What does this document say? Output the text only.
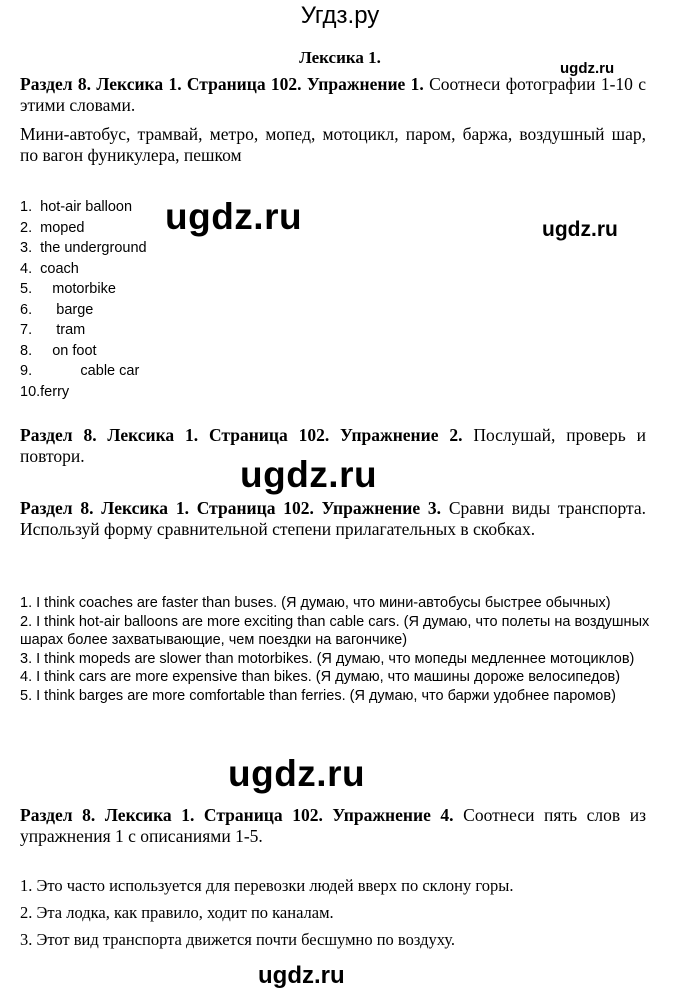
Угдз.ру
Лексика 1.
ugdz.ru
Раздел 8. Лексика 1. Страница 102. Упражнение 1. Соотнеси фотографии 1-10 с этими словами.
Мини-автобус, трамвай, метро, мопед, мотоцикл, паром, баржа, воздушный шар, по вагон фуникулера, пешком
1.  hot-air balloon
2.  moped
3.  the underground
4.  coach
5.     motorbike
6.      barge
7.      tram
8.     on foot
9.            cable car
10.ferry
ugdz.ru	ugdz.ru
Раздел 8. Лексика 1. Страница 102. Упражнение 2. Послушай, проверь и повтори.	ugdz.ru
Раздел 8. Лексика 1. Страница 102. Упражнение 3. Сравни виды транспорта. Используй форму сравнительной степени прилагательных в скобках.
1. I think coaches are faster than buses. (Я думаю, что мини-автобусы быстрее обычных)
2. I think hot-air balloons are more exciting than cable cars. (Я думаю, что полеты на воздушных шарах более захватывающие, чем поездки на вагончике)
3. I think mopeds are slower than motorbikes. (Я думаю, что мопеды медленнее мотоциклов)
4. I think cars are more expensive than bikes. (Я думаю, что машины дороже велосипедов)
5. I think barges are more comfortable than ferries. (Я думаю, что баржи удобнее паромов)
ugdz.ru
Раздел 8. Лексика 1. Страница 102. Упражнение 4. Соотнеси пять слов из упражнения 1 с описаниями 1-5.
1. Это часто используется для перевозки людей вверх по склону горы.
2. Эта лодка, как правило, ходит по каналам.
3. Этот вид транспорта движется почти бесшумно по воздуху.
ugdz.ru
